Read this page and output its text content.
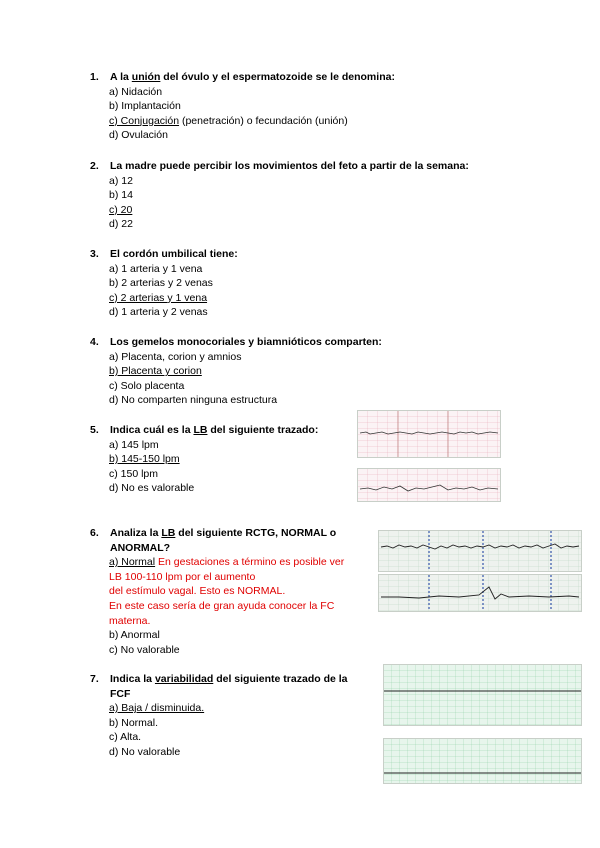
1.	A la unión del óvulo y el espermatozoide se le denomina:
a) Nidación
b) Implantación
c) Conjugación (penetración) o fecundación (unión)
d) Ovulación
2.	La madre puede percibir los movimientos del feto a partir de la semana:
a) 12
b) 14
c) 20
d) 22
3.	El cordón umbilical tiene:
a) 1 arteria y 1 vena
b) 2 arterias y 2 venas
c) 2 arterias y 1 vena
d) 1 arteria y 2 venas
4.	Los gemelos monocoriales y biamnióticos comparten:
a) Placenta, corion y amnios
b) Placenta y corion
c) Solo placenta
d) No comparten ninguna estructura
5.	Indica cuál es la LB del siguiente trazado:
a) 145 lpm
b) 145-150 lpm
c) 150 lpm
d) No es valorable
6.	Analiza la LB del siguiente RCTG, NORMAL o
ANORMAL?
a) Normal En gestaciones a término es posible ver
LB 100-110 lpm por el aumento
del estímulo vagal. Esto es NORMAL.
En este caso sería de gran ayuda conocer la FC
materna.
b) Anormal
c) No valorable
7.	Indica la variabilidad del siguiente trazado de la
FCF
a) Baja / disminuida.
b) Normal.
c) Alta.
d) No valorable
